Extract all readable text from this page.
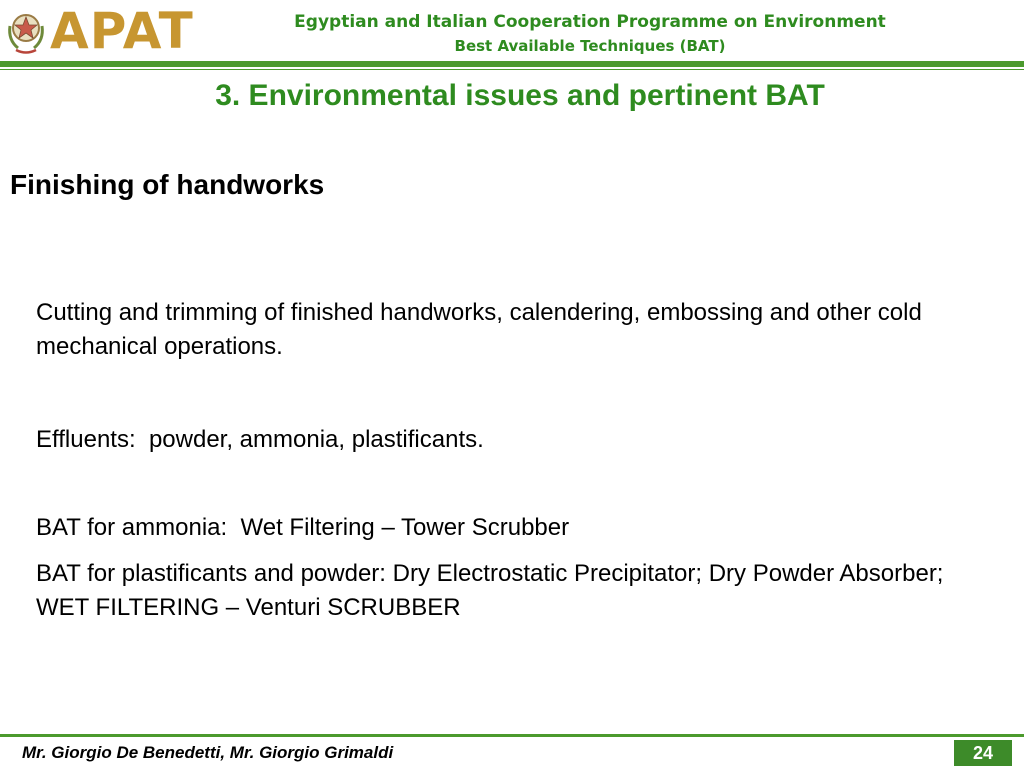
APAT	Egyptian and Italian Cooperation Programme on Environment
Best Available Techniques (BAT)
3. Environmental issues and pertinent BAT
Finishing of handworks
Cutting and trimming of finished handworks, calendering, embossing and other cold mechanical operations.
Effluents:  powder, ammonia, plastificants.
BAT for ammonia:  Wet Filtering – Tower Scrubber
BAT for plastificants and powder: Dry Electrostatic Precipitator; Dry Powder Absorber; WET FILTERING – Venturi SCRUBBER
Mr. Giorgio De Benedetti, Mr. Giorgio Grimaldi	24
